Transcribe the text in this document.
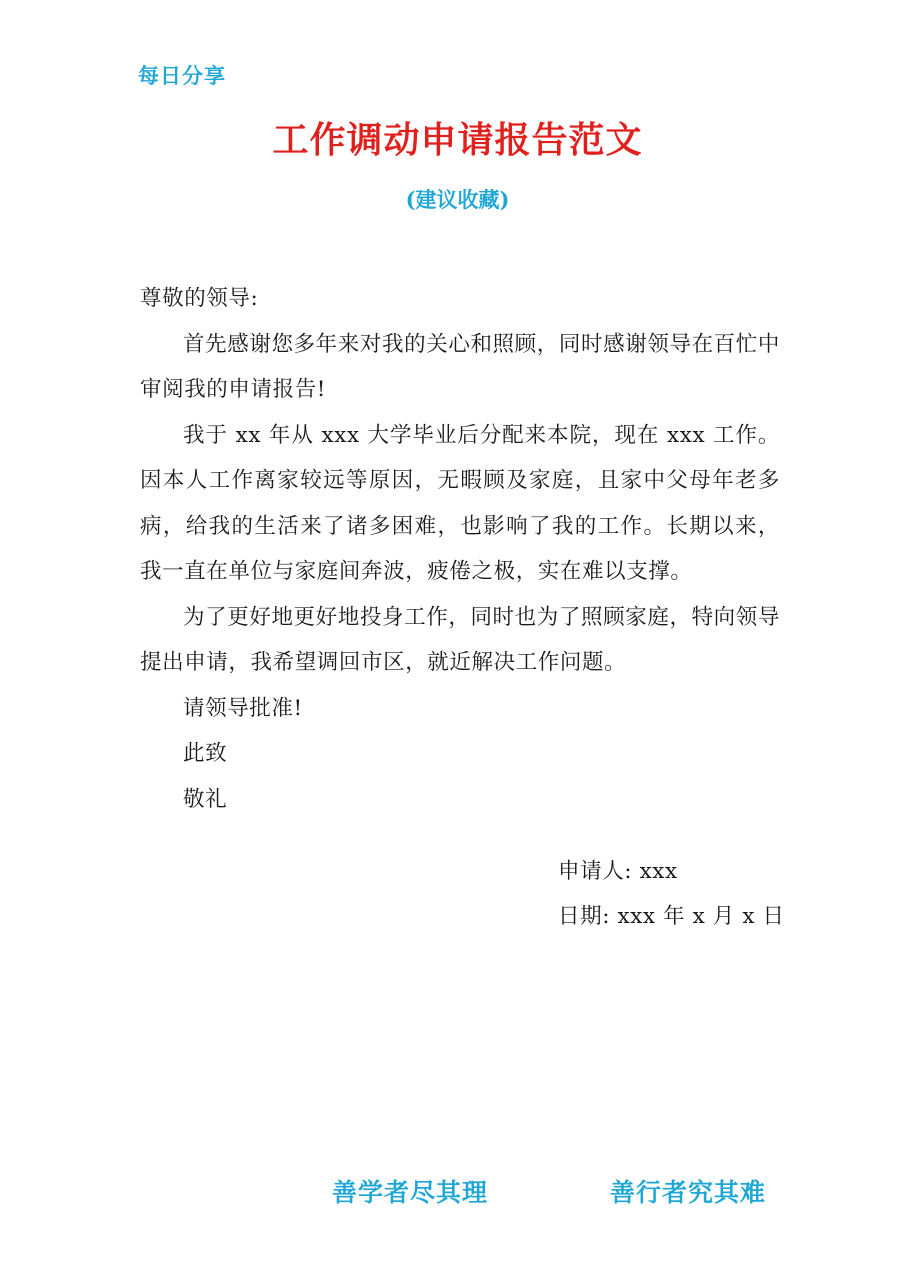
每日分享
工作调动申请报告范文
(建议收藏)

尊敬的领导:

首先感谢您多年来对我的关心和照顾，同时感谢领导在百忙中审阅我的申请报告!

我于 xx 年从 xxx 大学毕业后分配来本院，现在 xxx 工作。因本人工作离家较远等原因，无暇顾及家庭，且家中父母年老多病，给我的生活来了诸多困难，也影响了我的工作。长期以来，我一直在单位与家庭间奔波，疲倦之极，实在难以支撑。

为了更好地更好地投身工作，同时也为了照顾家庭，特向领导提出申请，我希望调回市区，就近解决工作问题。

请领导批准!

此致

敬礼

申请人: xxx
日期: xxx 年 x 月 x 日
善学者尽其理	善行者究其难
